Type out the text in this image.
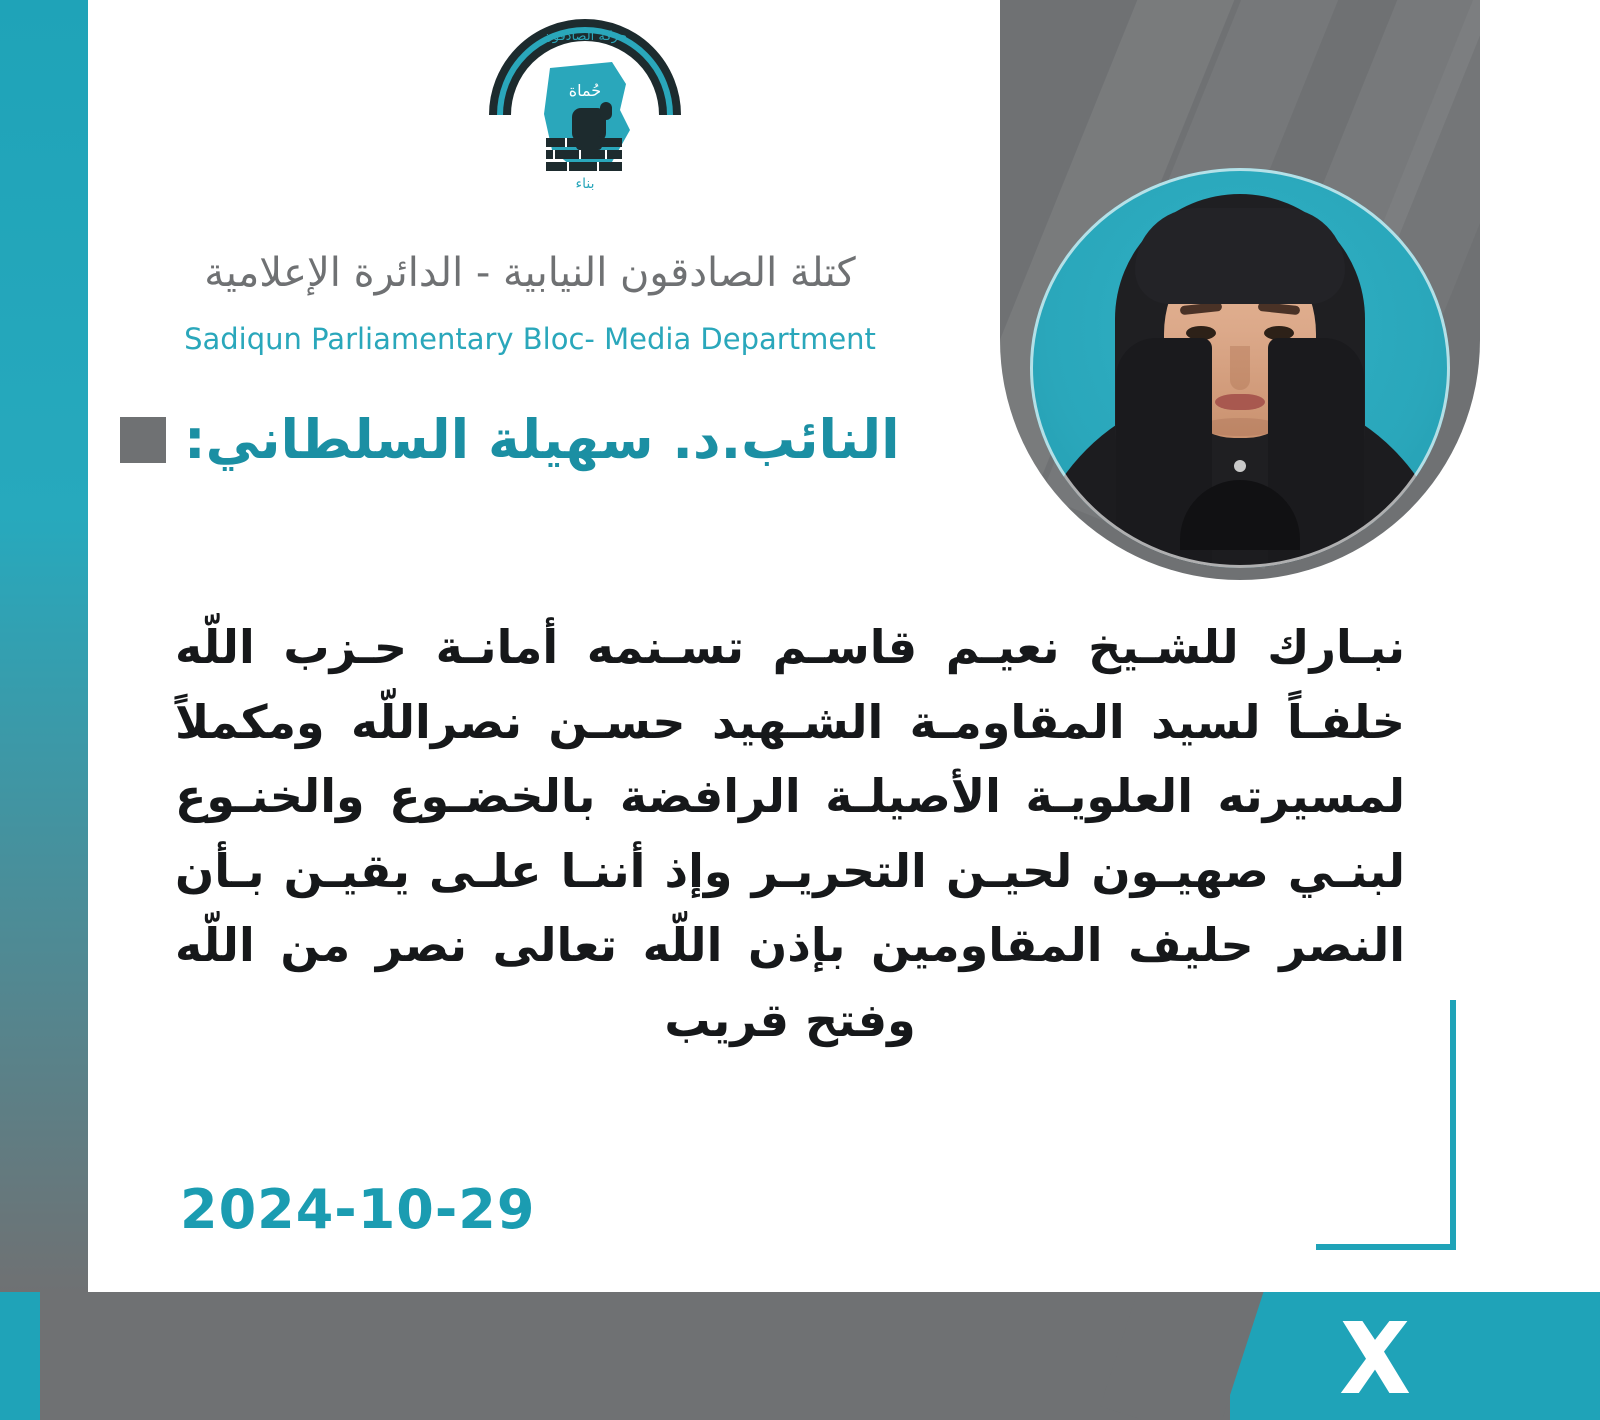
حركة الصادقون
حُماة
بناء
كتلة الصادقون النيابية - الدائرة الإعلامية
Sadiqun Parliamentary Bloc- Media Department
النائب.د. سهيلة السلطاني:
نبـارك للشـيخ نعيـم قاسـم تسـنمه أمانـة حـزب اللّه خلفـاً لسيد المقاومـة الشـهيد حسـن نصراللّه ومكملاً لمسيرته العلويـة الأصيلـة الرافضة بالخضـوع والخنـوع لبنـي صهيـون لحيـن التحريـر وإذ أننـا علـى يقيـن بـأن النصر حليف المقاومين بإذن اللّه تعالى نصر من اللّه وفتح قريب
2024-10-29
